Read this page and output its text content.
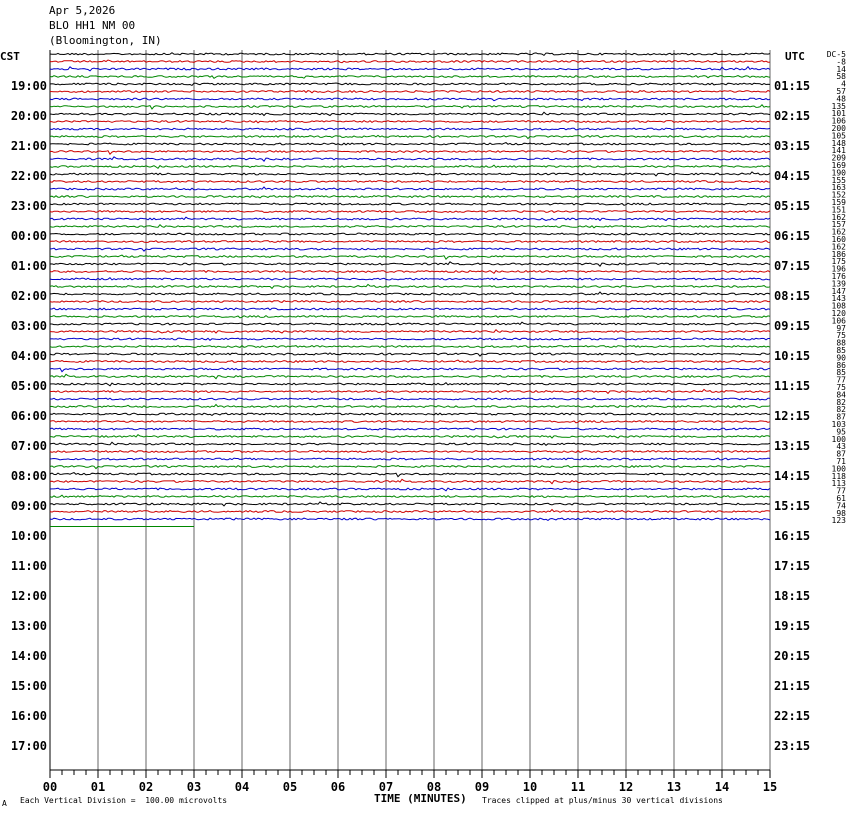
Apr 5,2026
BLO HH1 NM 00
(Bloomington, IN)
CST	UTC
19:00	01:15
20:00	02:15
21:00	03:15
22:00	04:15
23:00	05:15
00:00	06:15
01:00	07:15
02:00	08:15
03:00	09:15
04:00	10:15
05:00	11:15
06:00	12:15
07:00	13:15
08:00	14:15
09:00	15:15
10:00	16:15
11:00	17:15
12:00	18:15
13:00	19:15
14:00	20:15
15:00	21:15
16:00	22:15
17:00	23:15
00	01	02	03	04	05	06	07	08	09	10	11	12	13	14	15
DC-5
-8
14
58
4
57
48
135
101
106
200
105
148
141
209
169
190
155
163
152
159
151
162
157
162
160
162
186
175
196
176
139
147
143
108
120
106
97
75
88
85
90
86
85
77
75
84
82
82
87
103
95
100
43
87
71
100
118
113
77
61
74
98
123
A Each Vertical Division =  100.00 microvolts	TIME (MINUTES) Traces clipped at plus/minus 30 vertical divisions
